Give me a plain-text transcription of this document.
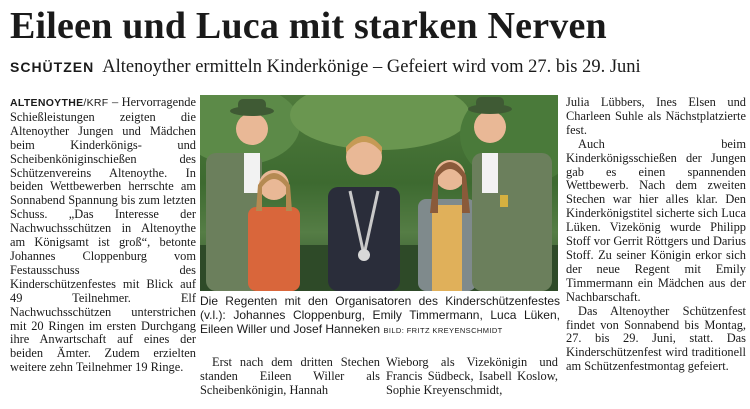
Eileen und Luca mit starken Nerven
SCHÜTZEN Altenoyther ermitteln Kinderkönige – Gefeiert wird vom 27. bis 29. Juni

ALTENOYTHE/KRF – Hervorragende Schießleistungen zeigten die Altenoyther Jungen und Mädchen beim Kinderkönigs- und Scheibenköniginschießen des Schützenvereins Altenoythe. In beiden Wettbewerben herrschte am Sonnabend Spannung bis zum letzten Schuss. „Das Interesse der Nachwuchsschützen in Altenoythe am Königsamt ist groß“, betonte Johannes Cloppenburg vom Festausschuss des Kinderschützenfestes mit Blick auf 49 Teilnehmer. Elf Nachwuchsschützen unterstrichen mit 20 Ringen im ersten Durchgang ihre Anwartschaft auf eines der beiden Ämter. Zudem erzielten weitere zehn Teilnehmer 19 Ringe.

Die Regenten mit den Organisatoren des Kinderschützenfestes (v.l.): Johannes Cloppenburg, Emily Timmermann, Luca Lüken, Eileen Willer und Josef Hanneken BILD: FRITZ KREYENSCHMIDT

Erst nach dem dritten Stechen standen Eileen Willer als Scheibenkönigin, Hannah

Wieborg als Vizekönigin und Francis Südbeck, Isabell Koslow, Sophie Kreyenschmidt,

Julia Lübbers, Ines Elsen und Charleen Suhle als Nächstplatzierte fest.

Auch beim Kinderkönigsschießen der Jungen gab es einen spannenden Wettbewerb. Nach dem zweiten Stechen war hier alles klar. Den Kinderkönigstitel sicherte sich Luca Lüken. Vizekönig wurde Philipp Stoff vor Gerrit Röttgers und Darius Stoff. Zu seiner Königin erkor sich der neue Regent mit Emily Timmermann ein Mädchen aus der Nachbarschaft.

Das Altenoyther Schützenfest findet von Sonnabend bis Montag, 27. bis 29. Juni, statt. Das Kinderschützenfest wird traditionell am Schützenfestmontag gefeiert.
